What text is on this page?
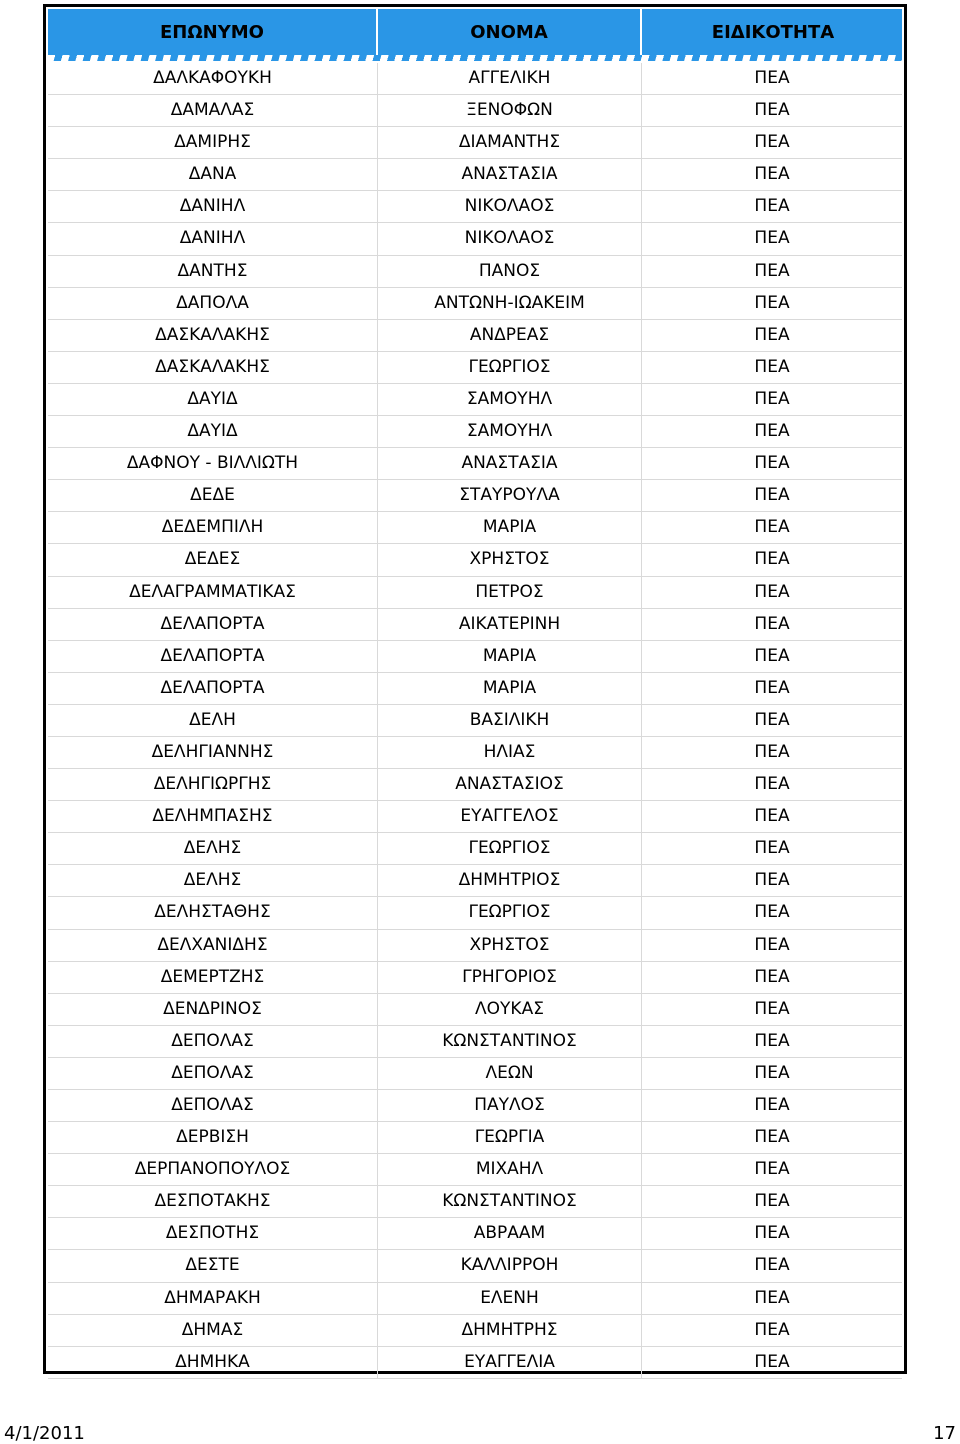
ΕΠΩΝΥΜΟ	ΟΝΟΜΑ	ΕΙΔΙΚΟΤΗΤΑ
ΔΑΛΚΑΦΟΥΚΗ	ΑΓΓΕΛΙΚΗ	ΠΕΑ
ΔΑΜΑΛΑΣ	ΞΕΝΟΦΩΝ	ΠΕΑ
ΔΑΜΙΡΗΣ	ΔΙΑΜΑΝΤΗΣ	ΠΕΑ
ΔΑΝΑ	ΑΝΑΣΤΑΣΙΑ	ΠΕΑ
ΔΑΝΙΗΛ	ΝΙΚΟΛΑΟΣ	ΠΕΑ
ΔΑΝΙΗΛ	ΝΙΚΟΛΑΟΣ	ΠΕΑ
ΔΑΝΤΗΣ	ΠΑΝΟΣ	ΠΕΑ
ΔΑΠΟΛΑ	ΑΝΤΩΝΗ-ΙΩΑΚΕΙΜ	ΠΕΑ
ΔΑΣΚΑΛΑΚΗΣ	ΑΝΔΡΕΑΣ	ΠΕΑ
ΔΑΣΚΑΛΑΚΗΣ	ΓΕΩΡΓΙΟΣ	ΠΕΑ
ΔΑΥΙΔ	ΣΑΜΟΥΗΛ	ΠΕΑ
ΔΑΥΙΔ	ΣΑΜΟΥΗΛ	ΠΕΑ
ΔΑΦΝΟΥ - ΒΙΛΛΙΩΤΗ	ΑΝΑΣΤΑΣΙΑ	ΠΕΑ
ΔΕΔΕ	ΣΤΑΥΡΟΥΛΑ	ΠΕΑ
ΔΕΔΕΜΠΙΛΗ	ΜΑΡΙΑ	ΠΕΑ
ΔΕΔΕΣ	ΧΡΗΣΤΟΣ	ΠΕΑ
ΔΕΛΑΓΡΑΜΜΑΤΙΚΑΣ	ΠΕΤΡΟΣ	ΠΕΑ
ΔΕΛΑΠΟΡΤΑ	ΑΙΚΑΤΕΡΙΝΗ	ΠΕΑ
ΔΕΛΑΠΟΡΤΑ	ΜΑΡΙΑ	ΠΕΑ
ΔΕΛΑΠΟΡΤΑ	ΜΑΡΙΑ	ΠΕΑ
ΔΕΛΗ	ΒΑΣΙΛΙΚΗ	ΠΕΑ
ΔΕΛΗΓΙΑΝΝΗΣ	ΗΛΙΑΣ	ΠΕΑ
ΔΕΛΗΓΙΩΡΓΗΣ	ΑΝΑΣΤΑΣΙΟΣ	ΠΕΑ
ΔΕΛΗΜΠΑΣΗΣ	ΕΥΑΓΓΕΛΟΣ	ΠΕΑ
ΔΕΛΗΣ	ΓΕΩΡΓΙΟΣ	ΠΕΑ
ΔΕΛΗΣ	ΔΗΜΗΤΡΙΟΣ	ΠΕΑ
ΔΕΛΗΣΤΑΘΗΣ	ΓΕΩΡΓΙΟΣ	ΠΕΑ
ΔΕΛΧΑΝΙΔΗΣ	ΧΡΗΣΤΟΣ	ΠΕΑ
ΔΕΜΕΡΤΖΗΣ	ΓΡΗΓΟΡΙΟΣ	ΠΕΑ
ΔΕΝΔΡΙΝΟΣ	ΛΟΥΚΑΣ	ΠΕΑ
ΔΕΠΟΛΑΣ	ΚΩΝΣΤΑΝΤΙΝΟΣ	ΠΕΑ
ΔΕΠΟΛΑΣ	ΛΕΩΝ	ΠΕΑ
ΔΕΠΟΛΑΣ	ΠΑΥΛΟΣ	ΠΕΑ
ΔΕΡΒΙΣΗ	ΓΕΩΡΓΙΑ	ΠΕΑ
ΔΕΡΠΑΝΟΠΟΥΛΟΣ	ΜΙΧΑΗΛ	ΠΕΑ
ΔΕΣΠΟΤΑΚΗΣ	ΚΩΝΣΤΑΝΤΙΝΟΣ	ΠΕΑ
ΔΕΣΠΟΤΗΣ	ΑΒΡΑΑΜ	ΠΕΑ
ΔΕΣΤΕ	ΚΑΛΛΙΡΡΟΗ	ΠΕΑ
ΔΗΜΑΡΑΚΗ	ΕΛΕΝΗ	ΠΕΑ
ΔΗΜΑΣ	ΔΗΜΗΤΡΗΣ	ΠΕΑ
ΔΗΜΗΚΑ	ΕΥΑΓΓΕΛΙΑ	ΠΕΑ
4/1/2011	17
